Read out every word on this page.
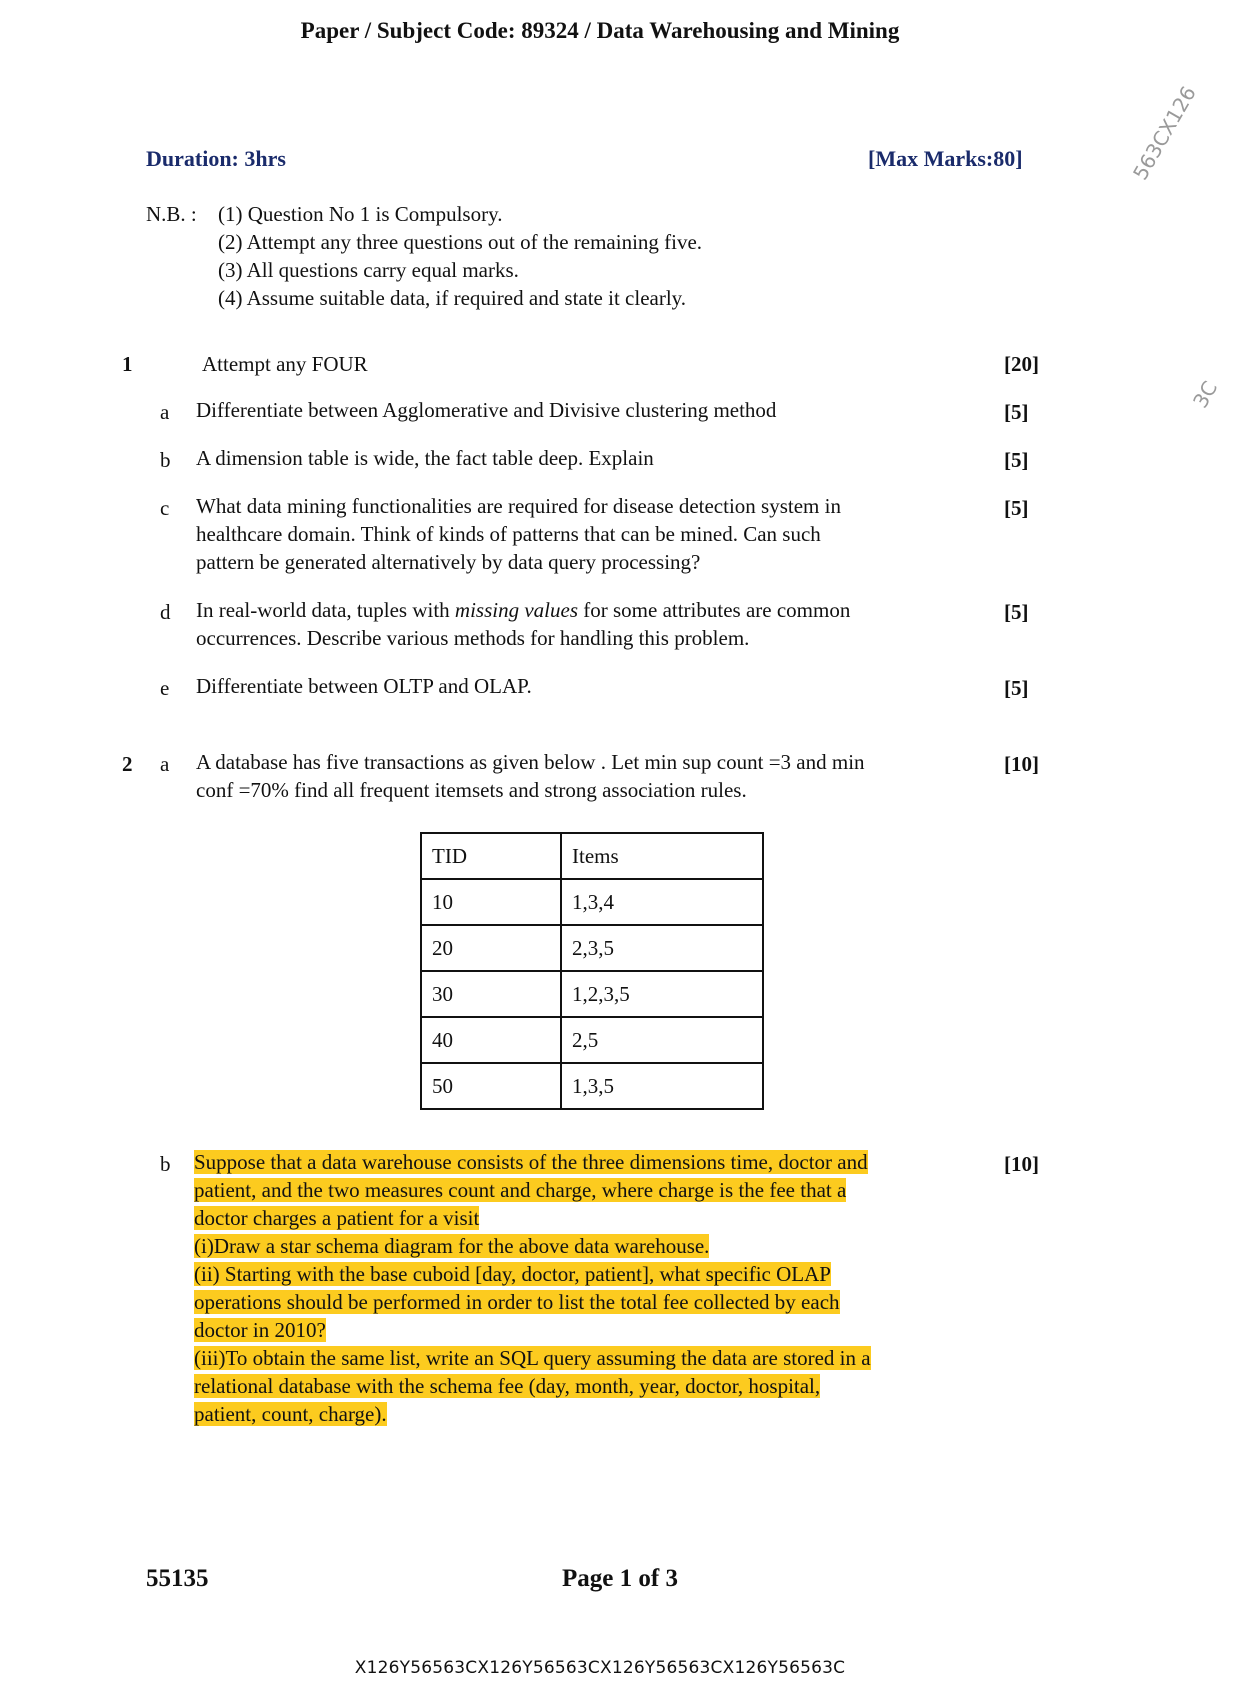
Paper / Subject Code: 89324 / Data Warehousing and Mining
563CX126
3C
Duration: 3hrs	[Max Marks:80]
N.B. : (1) Question No 1 is Compulsory.
(2) Attempt any three questions out of the remaining five.
(3) All questions carry equal marks.
(4) Assume suitable data, if required and state it clearly.
1	Attempt any FOUR	[20]
a Differentiate between Agglomerative and Divisive clustering method	[5]
b A dimension table is wide, the fact table deep. Explain	[5]
c What data mining functionalities are required for disease detection system in
healthcare domain. Think of kinds of patterns that can be mined. Can such
pattern be generated alternatively by data query processing?
[5]
d In real-world data, tuples with missing values for some attributes are common
occurrences. Describe various methods for handling this problem.
[5]
e Differentiate between OLTP and OLAP.	[5]
2 a A database has five transactions as given below . Let min sup count =3 and min
conf =70% find all frequent itemsets and strong association rules.
[10]
TID	Items
10	1,3,4
20	2,3,5
30	1,2,3,5
40	2,5
50	1,3,5
b Suppose that a data warehouse consists of the three dimensions time, doctor and
patient, and the two measures count and charge, where charge is the fee that a
doctor charges a patient for a visit
(i)Draw a star schema diagram for the above data warehouse.
(ii) Starting with the base cuboid [day, doctor, patient], what specific OLAP
operations should be performed in order to list the total fee collected by each
doctor in 2010?
(iii)To obtain the same list, write an SQL query assuming the data are stored in a
relational database with the schema fee (day, month, year, doctor, hospital,
patient, count, charge).
[10]
55135	Page 1 of 3
X126Y56563CX126Y56563CX126Y56563CX126Y56563C
